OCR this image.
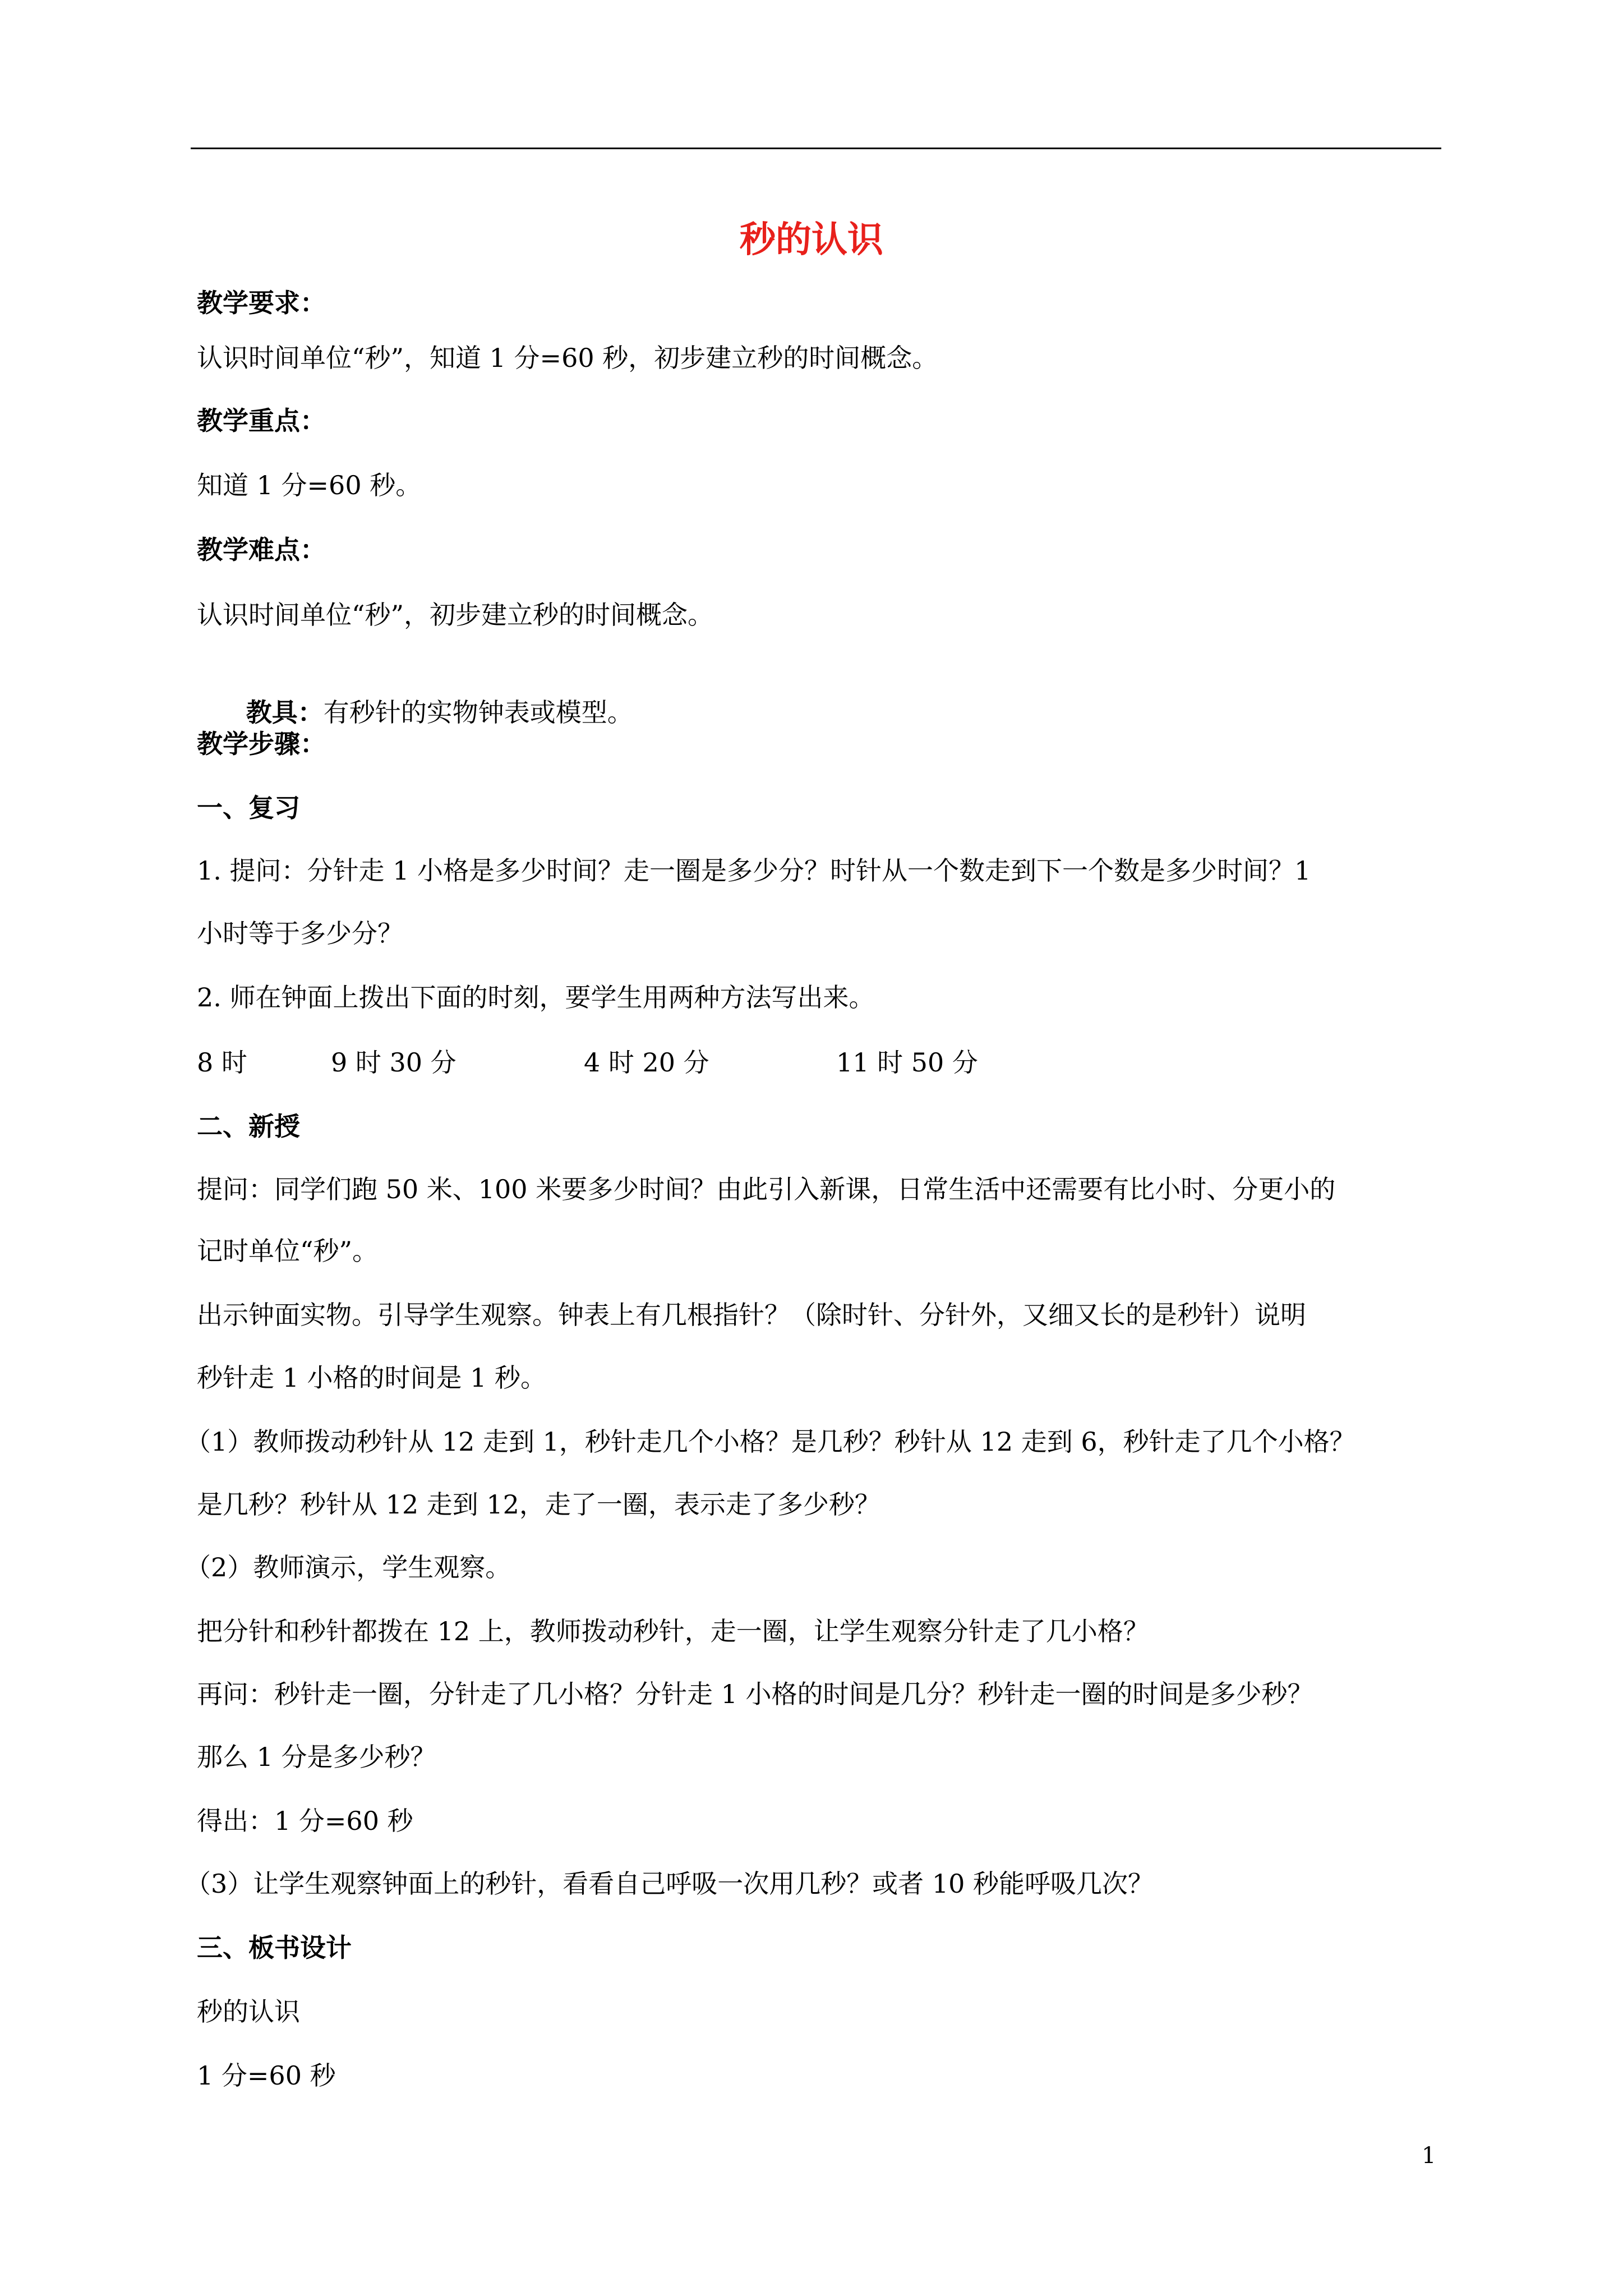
秒的认识
教学要求：
认识时间单位“秒”，知道 1 分=60 秒，初步建立秒的时间概念。
教学重点：
知道 1 分=60 秒。
教学难点：
认识时间单位“秒”，初步建立秒的时间概念。

教具：有秒针的实物钟表或模型。

教学步骤：
一、复习
1. 提问：分针走 1 小格是多少时间？走一圈是多少分？时针从一个数走到下一个数是多少时间？1
小时等于多少分？
2. 师在钟面上拨出下面的时刻，要学生用两种方法写出来。
8 时	9 时 30 分	4 时 20 分	11 时 50 分
二、新授
提问：同学们跑 50 米、100 米要多少时间？由此引入新课，日常生活中还需要有比小时、分更小的
记时单位“秒”。
出示钟面实物。引导学生观察。钟表上有几根指针？（除时针、分针外，又细又长的是秒针）说明
秒针走 1 小格的时间是 1 秒。
（1）教师拨动秒针从 12 走到 1，秒针走几个小格？是几秒？秒针从 12 走到 6，秒针走了几个小格？
是几秒？秒针从 12 走到 12，走了一圈，表示走了多少秒？
（2）教师演示，学生观察。
把分针和秒针都拨在 12 上，教师拨动秒针，走一圈，让学生观察分针走了几小格？
再问：秒针走一圈，分针走了几小格？分针走 1 小格的时间是几分？秒针走一圈的时间是多少秒？
那么 1 分是多少秒？
得出：1 分=60 秒
（3）让学生观察钟面上的秒针，看看自己呼吸一次用几秒？或者 10 秒能呼吸几次？
三、板书设计
秒的认识
1 分=60 秒
1
